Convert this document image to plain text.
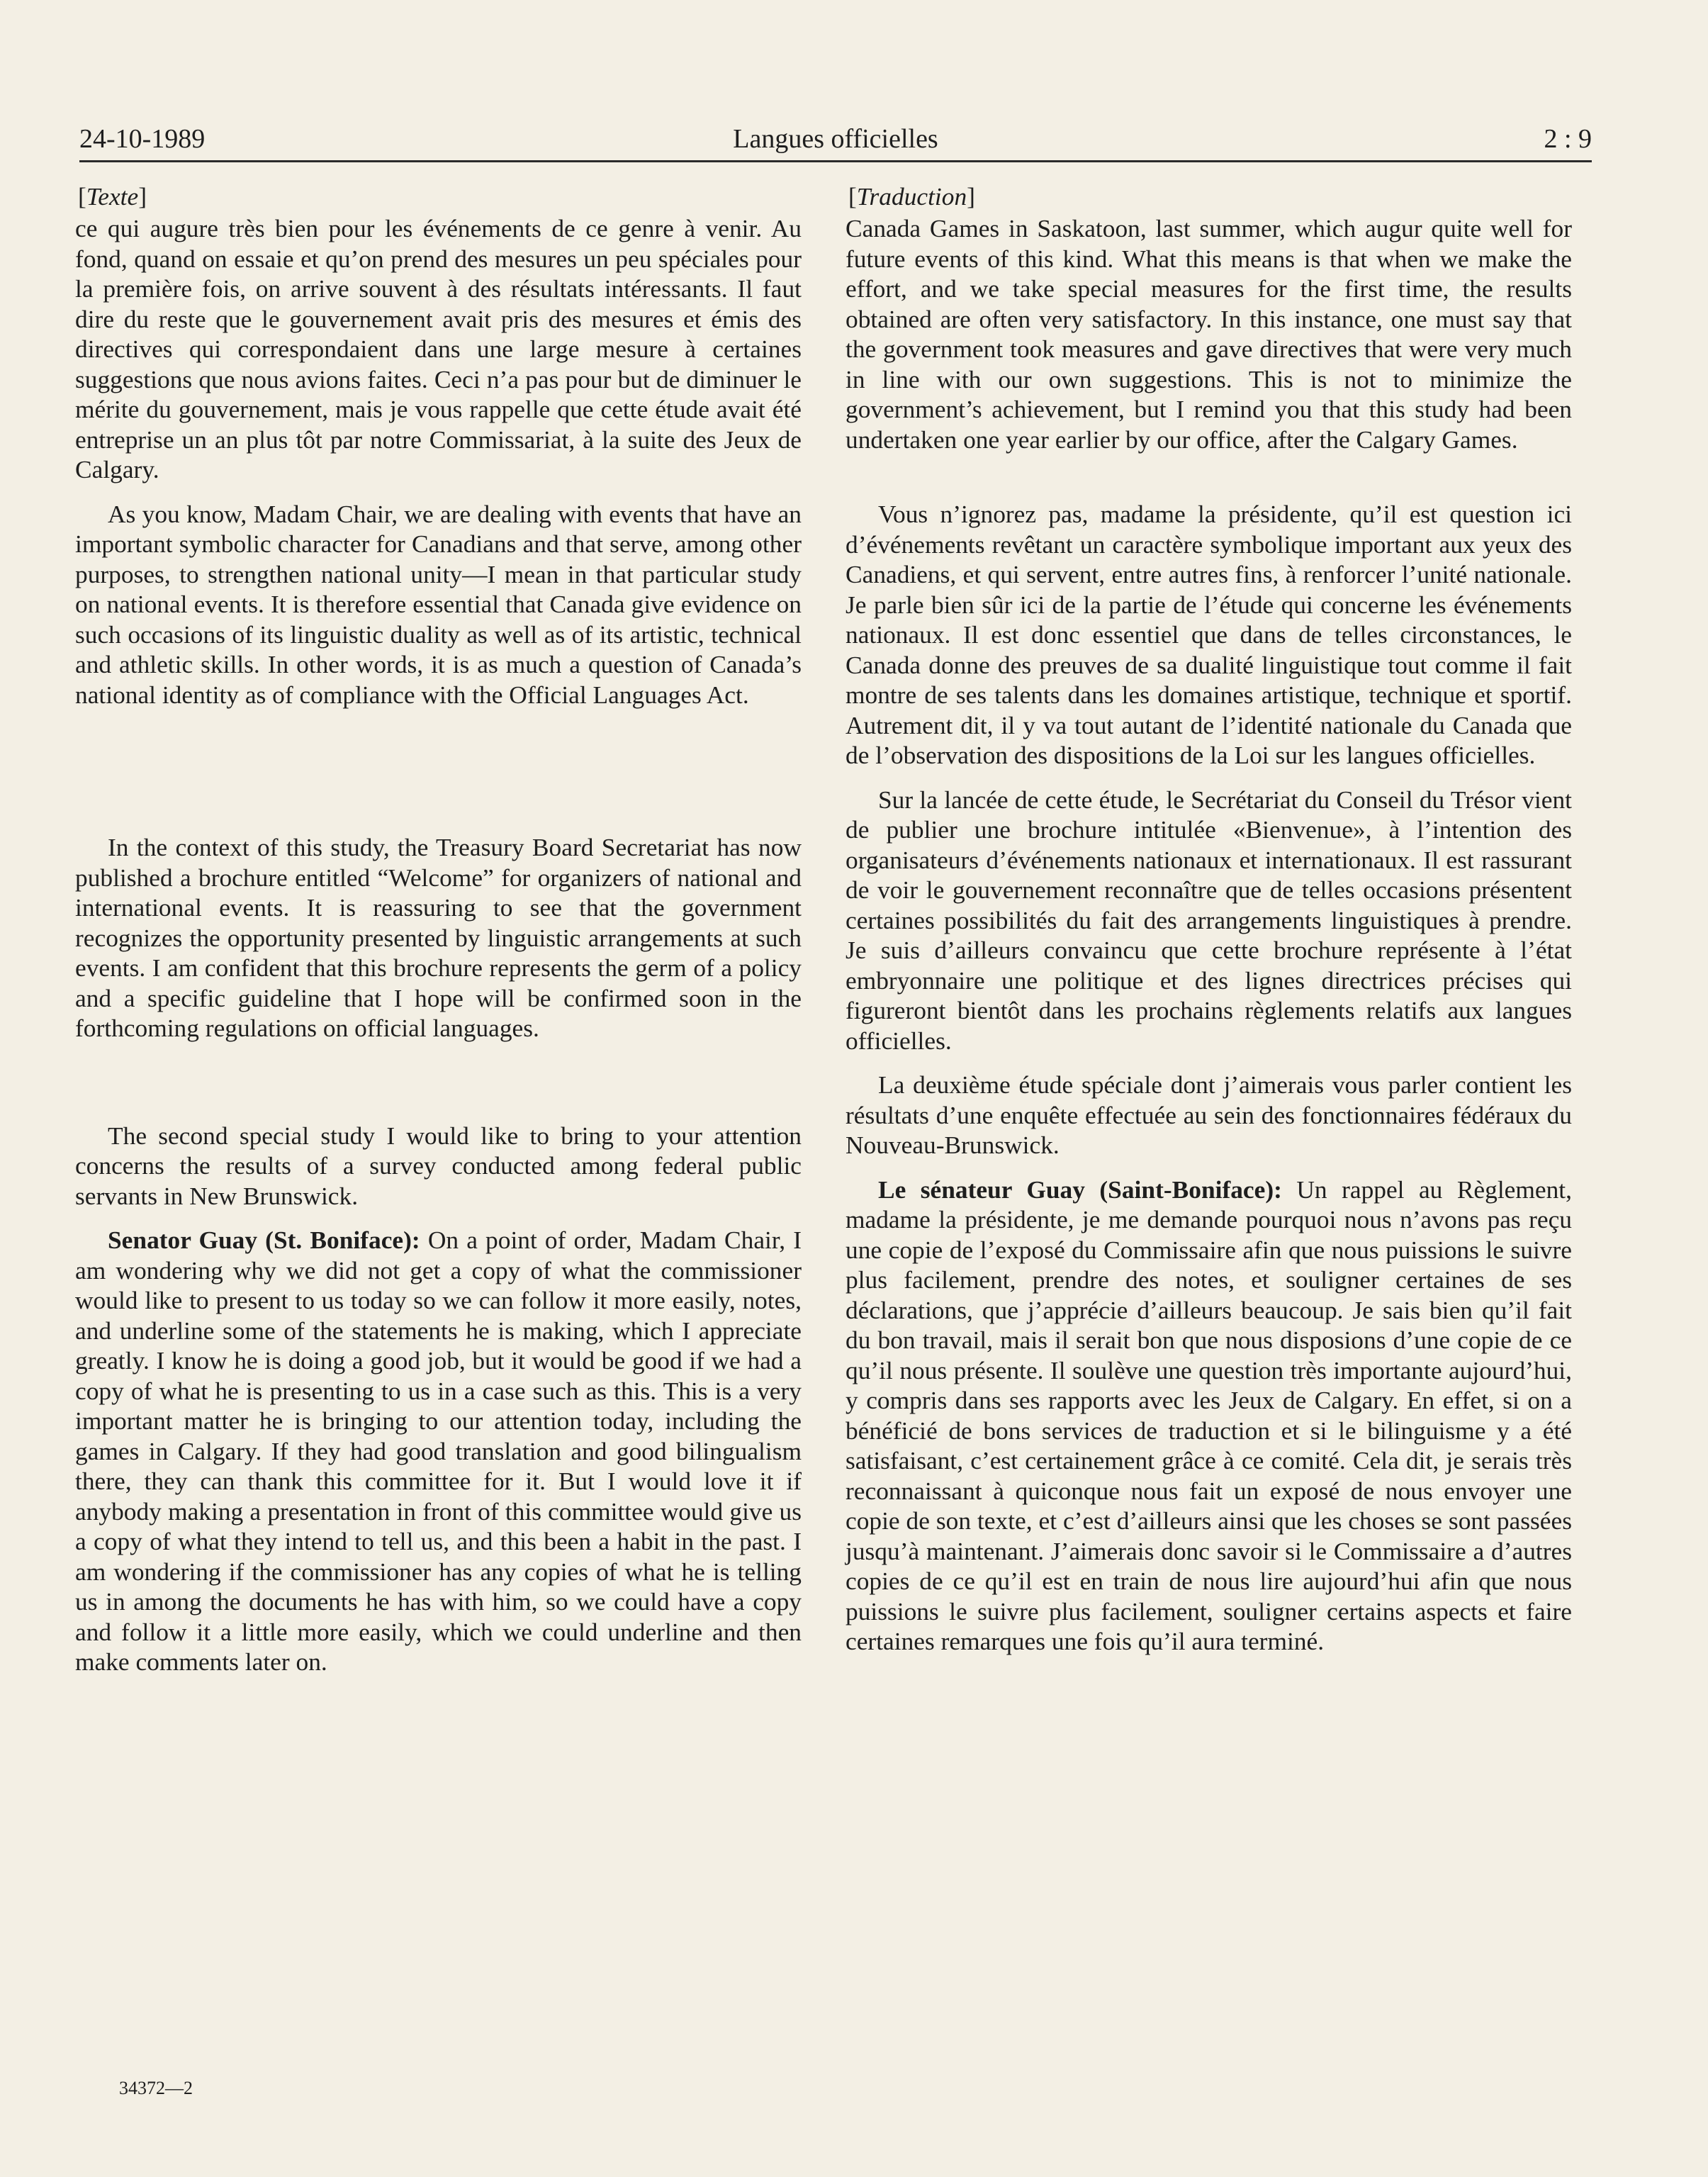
24-10-1989	Langues officielles	2 : 9
[ Texte ]

ce qui augure très bien pour les événements de ce genre à venir. Au fond, quand on essaie et qu’on prend des mesures un peu spéciales pour la première fois, on arrive souvent à des résultats intéressants. Il faut dire du reste que le gouvernement avait pris des mesures et émis des directives qui correspondaient dans une large mesure à certaines suggestions que nous avions faites. Ceci n’a pas pour but de diminuer le mérite du gouvernement, mais je vous rappelle que cette étude avait été entreprise un an plus tôt par notre Commissariat, à la suite des Jeux de Calgary.

As you know, Madam Chair, we are dealing with events that have an important symbolic character for Canadians and that serve, among other purposes, to strengthen national unity—I mean in that particular study on national events. It is therefore essential that Canada give evidence on such occasions of its linguistic duality as well as of its artistic, technical and athletic skills. In other words, it is as much a question of Canada’s national identity as of compliance with the Official Languages Act.

In the context of this study, the Treasury Board Secretariat has now published a brochure entitled “Welcome” for organizers of national and international events. It is reassuring to see that the government recognizes the opportunity presented by linguistic arrangements at such events. I am confident that this brochure represents the germ of a policy and a specific guideline that I hope will be confirmed soon in the forthcoming regulations on official languages.

The second special study I would like to bring to your attention concerns the results of a survey conducted among federal public servants in New Brunswick.

Senator Guay (St. Boniface): On a point of order, Madam Chair, I am wondering why we did not get a copy of what the commissioner would like to present to us today so we can follow it more easily, notes, and underline some of the statements he is making, which I appreciate greatly. I know he is doing a good job, but it would be good if we had a copy of what he is presenting to us in a case such as this. This is a very important matter he is bringing to our attention today, including the games in Calgary. If they had good translation and good bilingualism there, they can thank this committee for it. But I would love it if anybody making a presentation in front of this committee would give us a copy of what they intend to tell us, and this been a habit in the past. I am wondering if the commissioner has any copies of what he is telling us in among the documents he has with him, so we could have a copy and follow it a little more easily, which we could underline and then make comments later on.

[ Traduction ]

Canada Games in Saskatoon, last summer, which augur quite well for future events of this kind. What this means is that when we make the effort, and we take special measures for the first time, the results obtained are often very satisfactory. In this instance, one must say that the government took measures and gave directives that were very much in line with our own suggestions. This is not to minimize the government’s achievement, but I remind you that this study had been undertaken one year earlier by our office, after the Calgary Games.

Vous n’ignorez pas, madame la présidente, qu’il est question ici d’événements revêtant un caractère symbolique important aux yeux des Canadiens, et qui servent, entre autres fins, à renforcer l’unité nationale. Je parle bien sûr ici de la partie de l’étude qui concerne les événements nationaux. Il est donc essentiel que dans de telles circonstances, le Canada donne des preuves de sa dualité linguistique tout comme il fait montre de ses talents dans les domaines artistique, technique et sportif. Autrement dit, il y va tout autant de l’identité nationale du Canada que de l’observation des dispositions de la Loi sur les langues officielles.

Sur la lancée de cette étude, le Secrétariat du Conseil du Trésor vient de publier une brochure intitulée «Bienvenue», à l’intention des organisateurs d’événements nationaux et internationaux. Il est rassurant de voir le gouvernement reconnaître que de telles occasions présentent certaines possibilités du fait des arrangements linguistiques à prendre. Je suis d’ailleurs convaincu que cette brochure représente à l’état embryonnaire une politique et des lignes directrices précises qui figureront bientôt dans les prochains règlements relatifs aux langues officielles.

La deuxième étude spéciale dont j’aimerais vous parler contient les résultats d’une enquête effectuée au sein des fonctionnaires fédéraux du Nouveau-Brunswick.

Le sénateur Guay (Saint-Boniface): Un rappel au Règlement, madame la présidente, je me demande pourquoi nous n’avons pas reçu une copie de l’exposé du Commissaire afin que nous puissions le suivre plus facilement, prendre des notes, et souligner certaines de ses déclarations, que j’apprécie d’ailleurs beaucoup. Je sais bien qu’il fait du bon travail, mais il serait bon que nous disposions d’une copie de ce qu’il nous présente. Il soulève une question très importante aujourd’hui, y compris dans ses rapports avec les Jeux de Calgary. En effet, si on a bénéficié de bons services de traduction et si le bilinguisme y a été satisfaisant, c’est certainement grâce à ce comité. Cela dit, je serais très reconnaissant à quiconque nous fait un exposé de nous envoyer une copie de son texte, et c’est d’ailleurs ainsi que les choses se sont passées jusqu’à maintenant. J’aimerais donc savoir si le Commissaire a d’autres copies de ce qu’il est en train de nous lire aujourd’hui afin que nous puissions le suivre plus facilement, souligner certains aspects et faire certaines remarques une fois qu’il aura terminé.

34372—2
